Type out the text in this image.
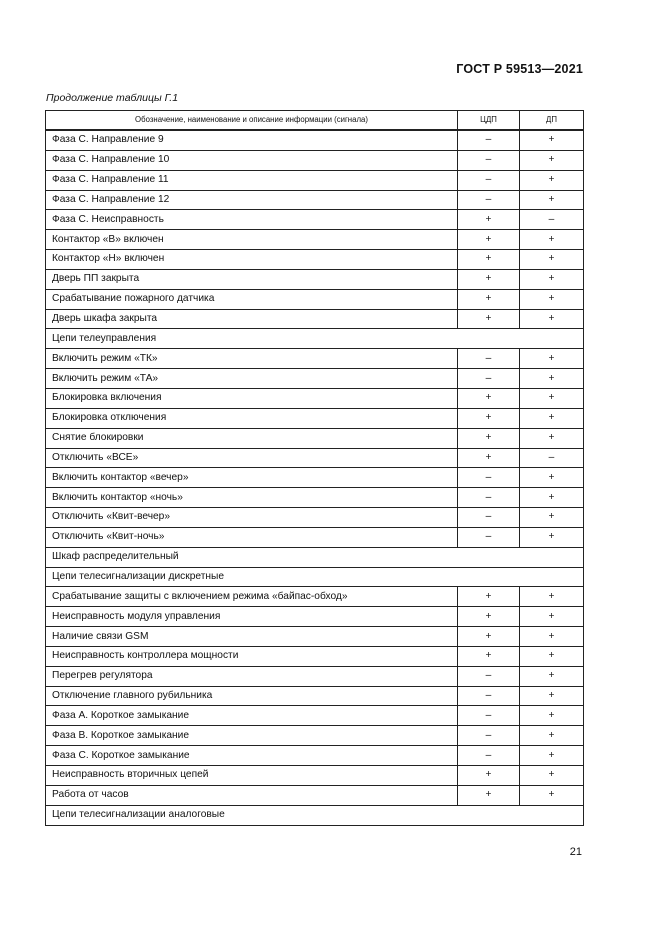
ГОСТ Р 59513—2021
Продолжение таблицы Г.1
Обозначение, наименование и описание информации (сигнала)	ЦДП	ДП
Фаза С. Направление 9	–	+
Фаза С. Направление 10	–	+
Фаза С. Направление 11	–	+
Фаза С. Направление 12	–	+
Фаза С. Неисправность	+	–
Контактор «В» включен	+	+
Контактор «Н» включен	+	+
Дверь ПП закрыта	+	+
Срабатывание пожарного датчика	+	+
Дверь шкафа закрыта	+	+
Цепи телеуправления		
Включить режим «ТК»	–	+
Включить режим «ТА»	–	+
Блокировка включения	+	+
Блокировка отключения	+	+
Снятие блокировки	+	+
Отключить «ВСЕ»	+	–
Включить контактор «вечер»	–	+
Включить контактор «ночь»	–	+
Отключить «Квит-вечер»	–	+
Отключить «Квит-ночь»	–	+
Шкаф распределительный		
Цепи телесигнализации дискретные		
Срабатывание защиты с включением режима «байпас-обход»	+	+
Неисправность модуля управления	+	+
Наличие связи GSM	+	+
Неисправность контроллера мощности	+	+
Перегрев регулятора	–	+
Отключение главного рубильника	–	+
Фаза А. Короткое замыкание	–	+
Фаза В. Короткое замыкание	–	+
Фаза С. Короткое замыкание	–	+
Неисправность вторичных цепей	+	+
Работа от часов	+	+
Цепи телесигнализации аналоговые		
21
